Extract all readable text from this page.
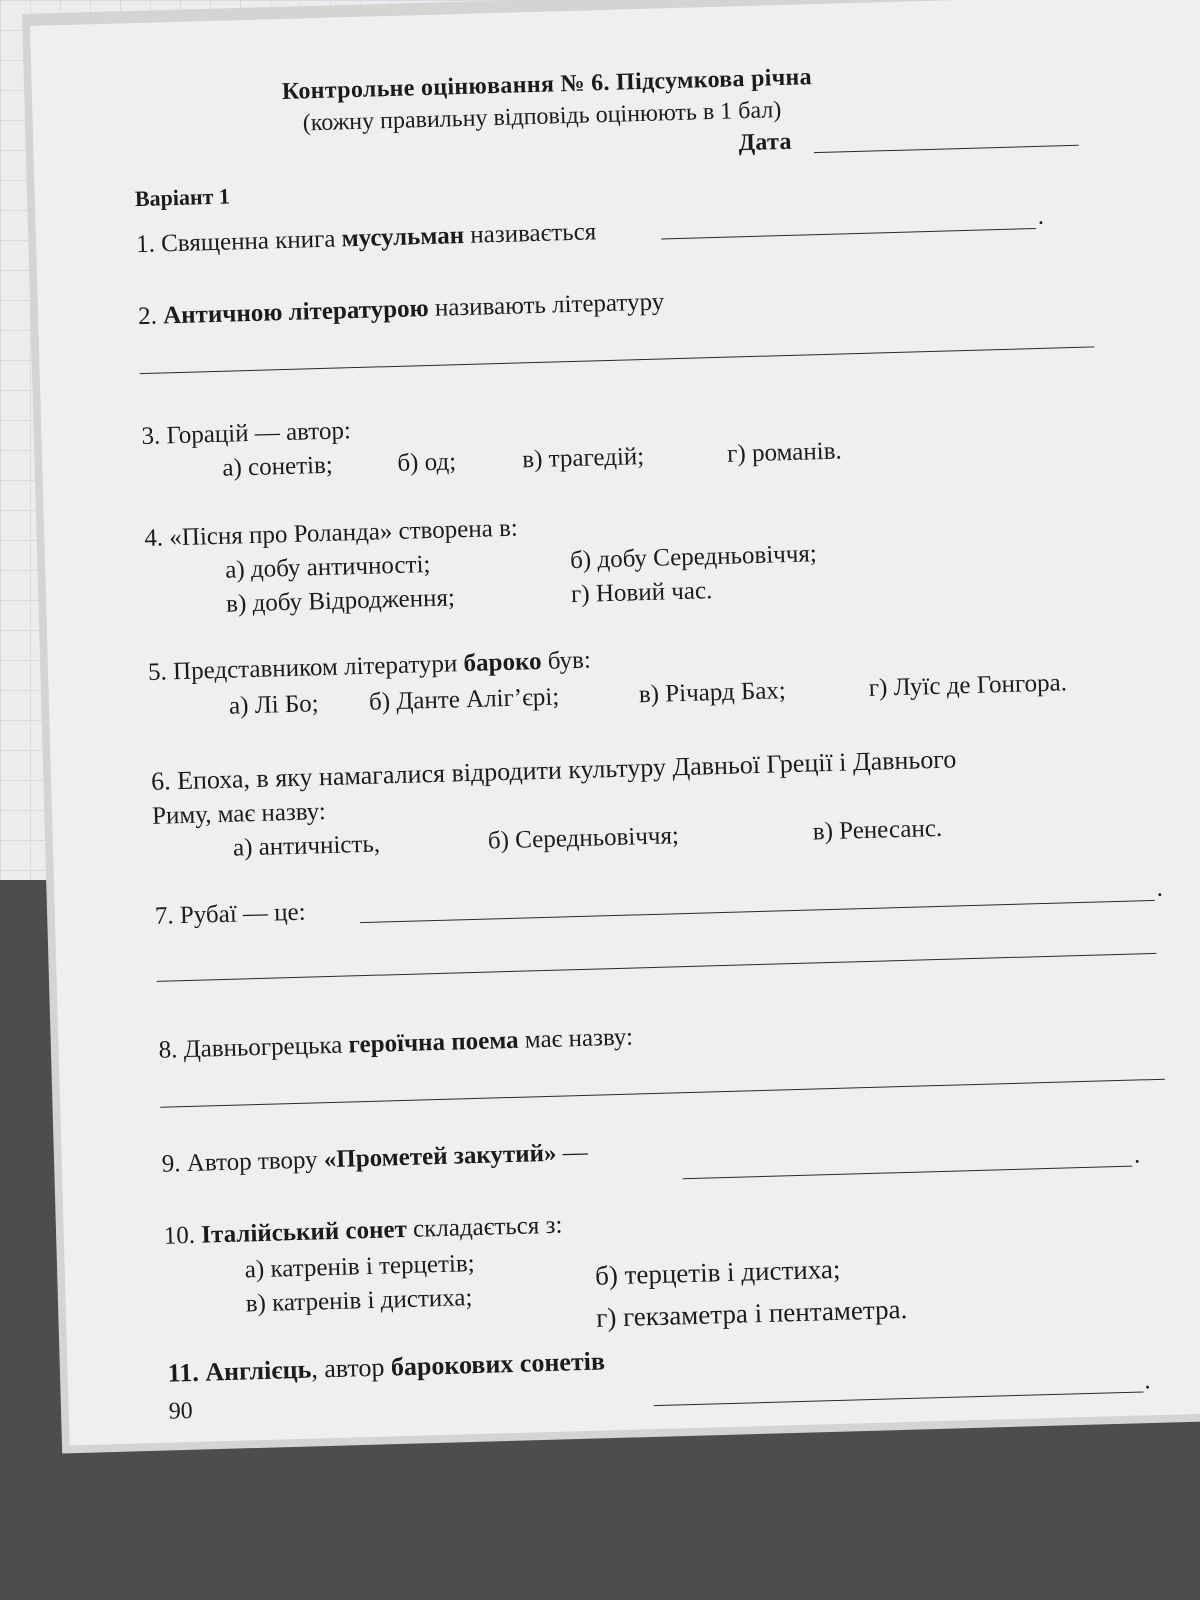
Контрольне оцінювання № 6. Підсумкова річна
(кожну правильну відповідь оцінюють в 1 бал)
Дата
Варіант 1
1. Священна книга мусульман називається
.
2. Античною літературою називають літературу
3. Горацій — автор:
а) сонетів;	б) од;	в) трагедій;	г) романів.
4. «Пісня про Роланда» створена в:
а) добу античності;	б) добу Середньовіччя;
в) добу Відродження;	г) Новий час.
5. Представником літератури бароко був:
а) Лі Бо; б) Данте Аліг’єрі;	в) Річард Бах;	г) Луїс де Гонгора.
6. Епоха, в яку намагалися відродити культуру Давньої Греції і Давнього
Риму, має назву:
а) античність,	б) Середньовіччя;	в) Ренесанс.
7. Рубаї — це:
.
8. Давньогрецька героїчна поема має назву:
9. Автор твору «Прометей закутий» —	.
10. Італійський сонет складається з:
а) катренів і терцетів;	б) терцетів і дистиха;
в) катренів і дистиха;	г) гекзаметра і пентаметра.
11. Англієць, автор барокових сонетів	.
90
